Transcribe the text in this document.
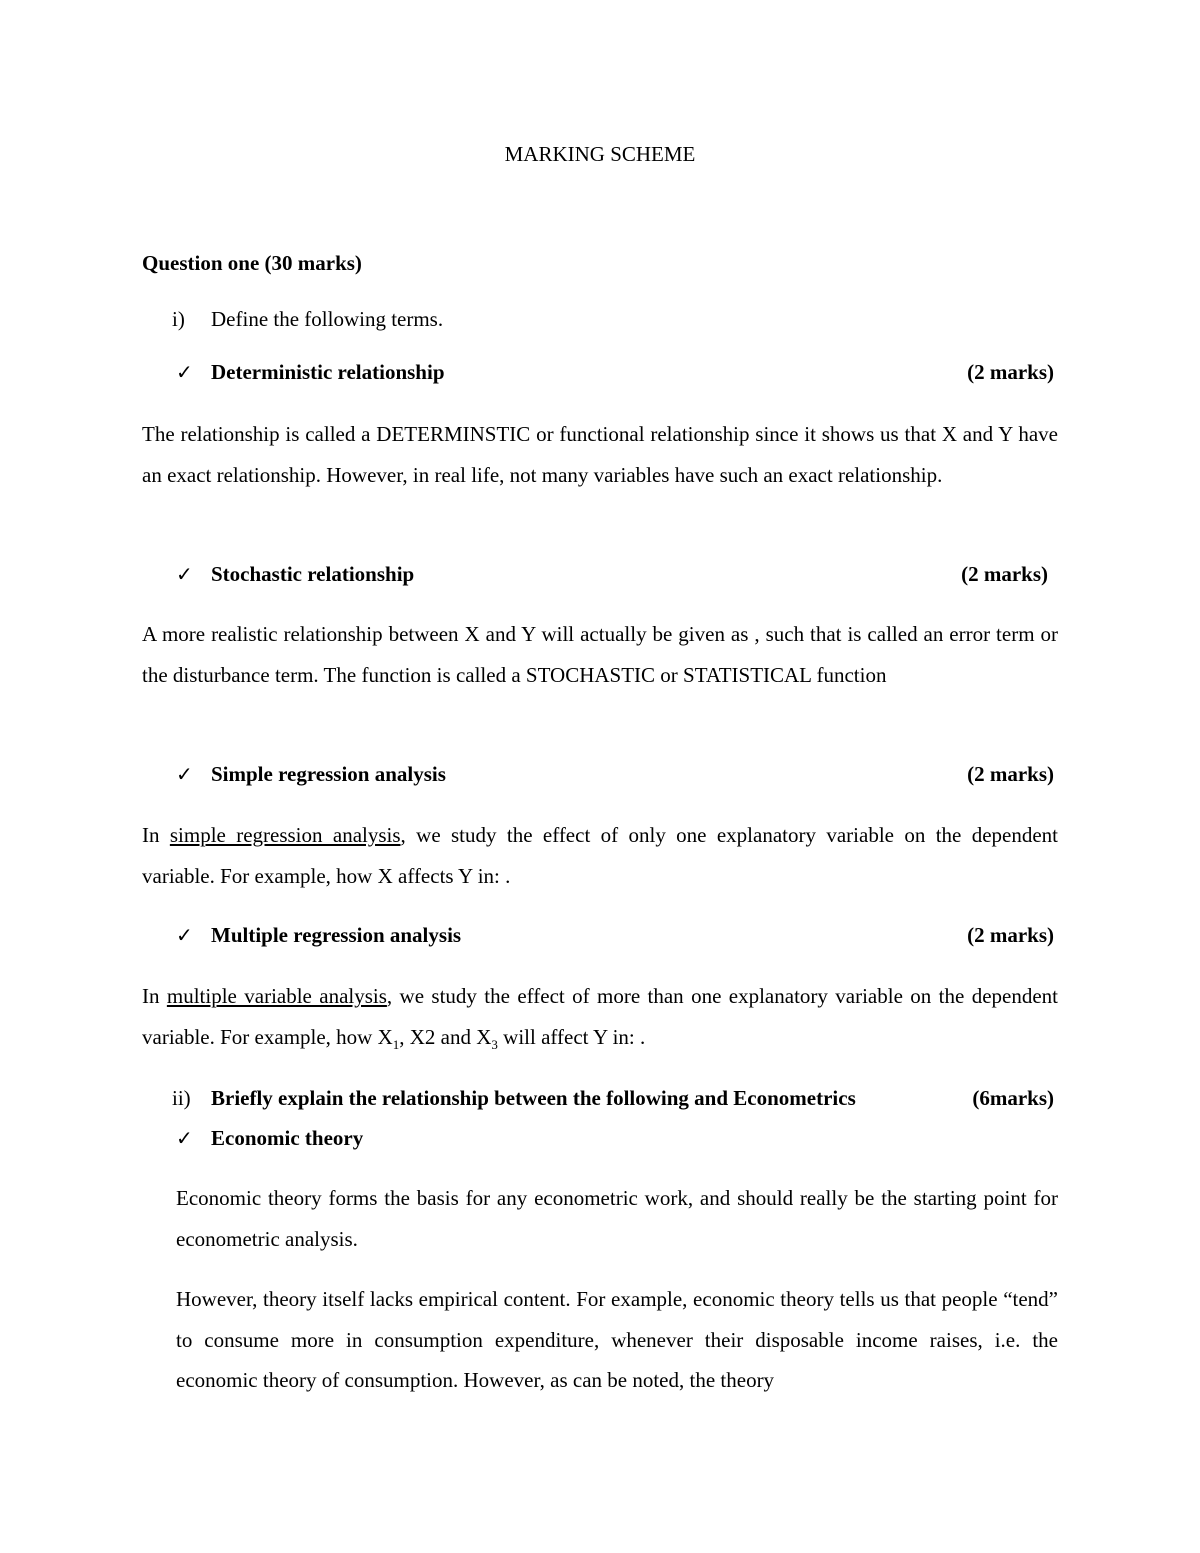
MARKING SCHEME
Question one (30 marks)
i) Define the following terms.
✓ Deterministic relationship	(2 marks)
The relationship is called a DETERMINSTIC or functional relationship since it shows us that X and Y have an exact relationship. However, in real life, not many variables have such an exact relationship.
✓ Stochastic relationship	(2 marks)
A more realistic relationship between X and Y will actually be given as , such that is called an error term or the disturbance term. The function is called a STOCHASTIC or STATISTICAL function
✓ Simple regression analysis	(2 marks)
In simple regression analysis, we study the effect of only one explanatory variable on the dependent variable. For example, how X affects Y in: .
✓ Multiple regression analysis	(2 marks)
In multiple variable analysis, we study the effect of more than one explanatory variable on the dependent variable. For example, how $X_1$, X2 and $X_3$ will affect Y in: .
ii) Briefly explain the relationship between the following and Econometrics	(6marks)
✓ Economic theory
Economic theory forms the basis for any econometric work, and should really be the starting point for econometric analysis.
However, theory itself lacks empirical content. For example, economic theory tells us that people “tend” to consume more in consumption expenditure, whenever their disposable income raises, i.e. the economic theory of consumption. However, as can be noted, the theory
